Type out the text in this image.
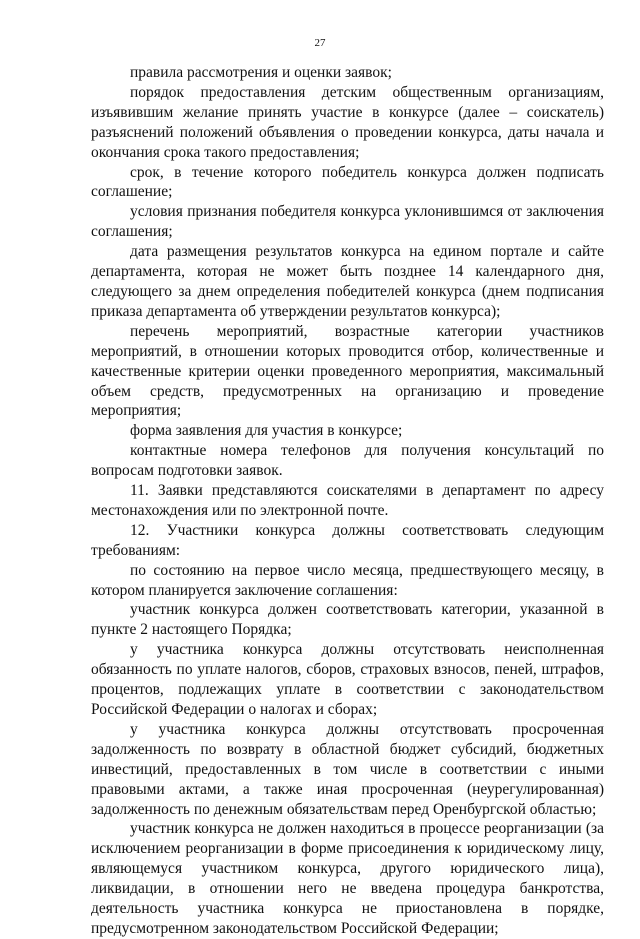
27

правила рассмотрения и оценки заявок;

порядок предоставления детским общественным организациям, изъявившим желание принять участие в конкурсе (далее – соискатель) разъяснений положений объявления о проведении конкурса, даты начала и окончания срока такого предоставления;

срок, в течение которого победитель конкурса должен подписать соглашение;

условия признания победителя конкурса уклонившимся от заключения соглашения;

дата размещения результатов конкурса на едином портале и сайте департамента, которая не может быть позднее 14 календарного дня, следующего за днем определения победителей конкурса (днем подписания приказа департамента об утверждении результатов конкурса);

перечень мероприятий, возрастные категории участников мероприятий, в отношении которых проводится отбор, количественные и качественные критерии оценки проведенного мероприятия, максимальный объем средств, предусмотренных на организацию и проведение мероприятия;

форма заявления для участия в конкурсе;

контактные номера телефонов для получения консультаций по вопросам подготовки заявок.

11. Заявки представляются соискателями в департамент по адресу местонахождения или по электронной почте.

12. Участники конкурса должны соответствовать следующим требованиям:

по состоянию на первое число месяца, предшествующего месяцу, в котором планируется заключение соглашения:

участник конкурса должен соответствовать категории, указанной в пункте 2 настоящего Порядка;

у участника конкурса должны отсутствовать неисполненная обязанность по уплате налогов, сборов, страховых взносов, пеней, штрафов, процентов, подлежащих уплате в соответствии с законодательством Российской Федерации о налогах и сборах;

у участника конкурса должны отсутствовать просроченная задолженность по возврату в областной бюджет субсидий, бюджетных инвестиций, предоставленных в том числе в соответствии с иными правовыми актами, а также иная просроченная (неурегулированная) задолженность по денежным обязательствам перед Оренбургской областью;

участник конкурса не должен находиться в процессе реорганизации (за исключением реорганизации в форме присоединения к юридическому лицу, являющемуся участником конкурса, другого юридического лица), ликвидации, в отношении него не введена процедура банкротства, деятельность участника конкурса не приостановлена в порядке, предусмотренном законодательством Российской Федерации;
